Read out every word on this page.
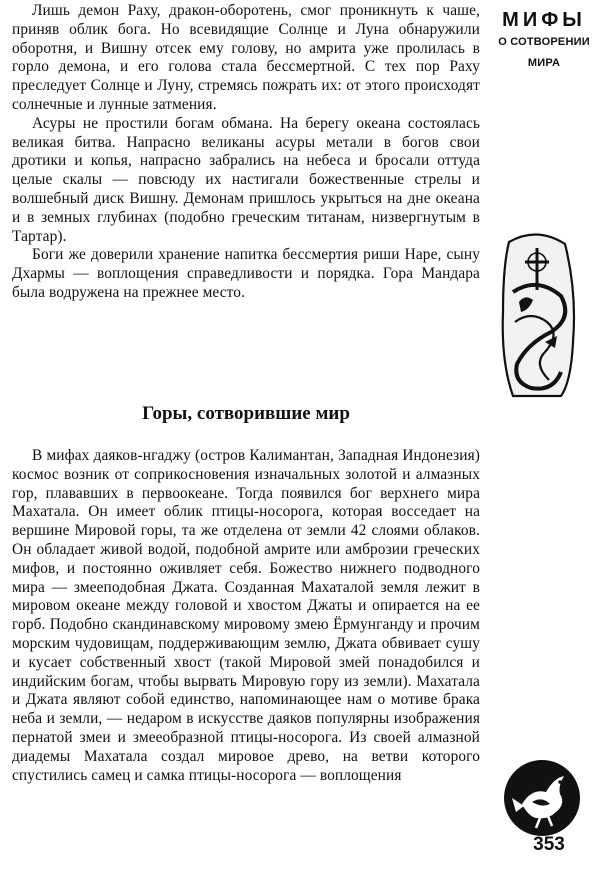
Лишь демон Раху, дракон-оборотень, смог проникнуть к чаше, приняв облик бога. Но всевидящие Солнце и Луна обнаружили оборотня, и Вишну отсек ему голову, но амрита уже пролилась в горло демона, и его голова стала бессмертной. С тех пор Раху преследует Солнце и Луну, стремясь пожрать их: от этого происходят солнечные и лунные затмения.

Асуры не простили богам обмана. На берегу океана состоялась великая битва. Напрасно великаны асуры метали в богов свои дротики и копья, напрасно забрались на небеса и бросали оттуда целые скалы — повсюду их настигали божественные стрелы и волшебный диск Вишну. Демонам пришлось укрыться на дне океана и в земных глубинах (подобно греческим титанам, низвергнутым в Тартар).

Боги же доверили хранение напитка бессмертия риши Наре, сыну Дхармы — воплощения справедливости и порядка. Гора Мандара была водружена на прежнее место.

Горы, сотворившие мир

В мифах даяков-нгаджу (остров Калимантан, Западная Индонезия) космос возник от соприкосновения изначальных золотой и алмазных гор, плававших в первоокеане. Тогда появился бог верхнего мира Махатала. Он имеет облик птицы-носорога, которая восседает на вершине Мировой горы, та же отделена от земли 42 слоями облаков. Он обладает живой водой, подобной амрите или амброзии греческих мифов, и постоянно оживляет себя. Божество нижнего подводного мира — змееподобная Джата. Созданная Махаталой земля лежит в мировом океане между головой и хвостом Джаты и опирается на ее горб. Подобно скандинавскому мировому змею Ёрмунганду и прочим морским чудовищам, поддерживающим землю, Джата обвивает сушу и кусает собственный хвост (такой Мировой змей понадобился и индийским богам, чтобы вырвать Мировую гору из земли). Махатала и Джата являют собой единство, напоминающее нам о мотиве брака неба и земли, — недаром в искусстве даяков популярны изображения пернатой змеи и змееобразной птицы-носорога. Из своей алмазной диадемы Махатала создал мировое древо, на ветви которого спустились самец и самка птицы-носорога — воплощения

МИФЫ
О СОТВОРЕНИИ
МИРА
353
